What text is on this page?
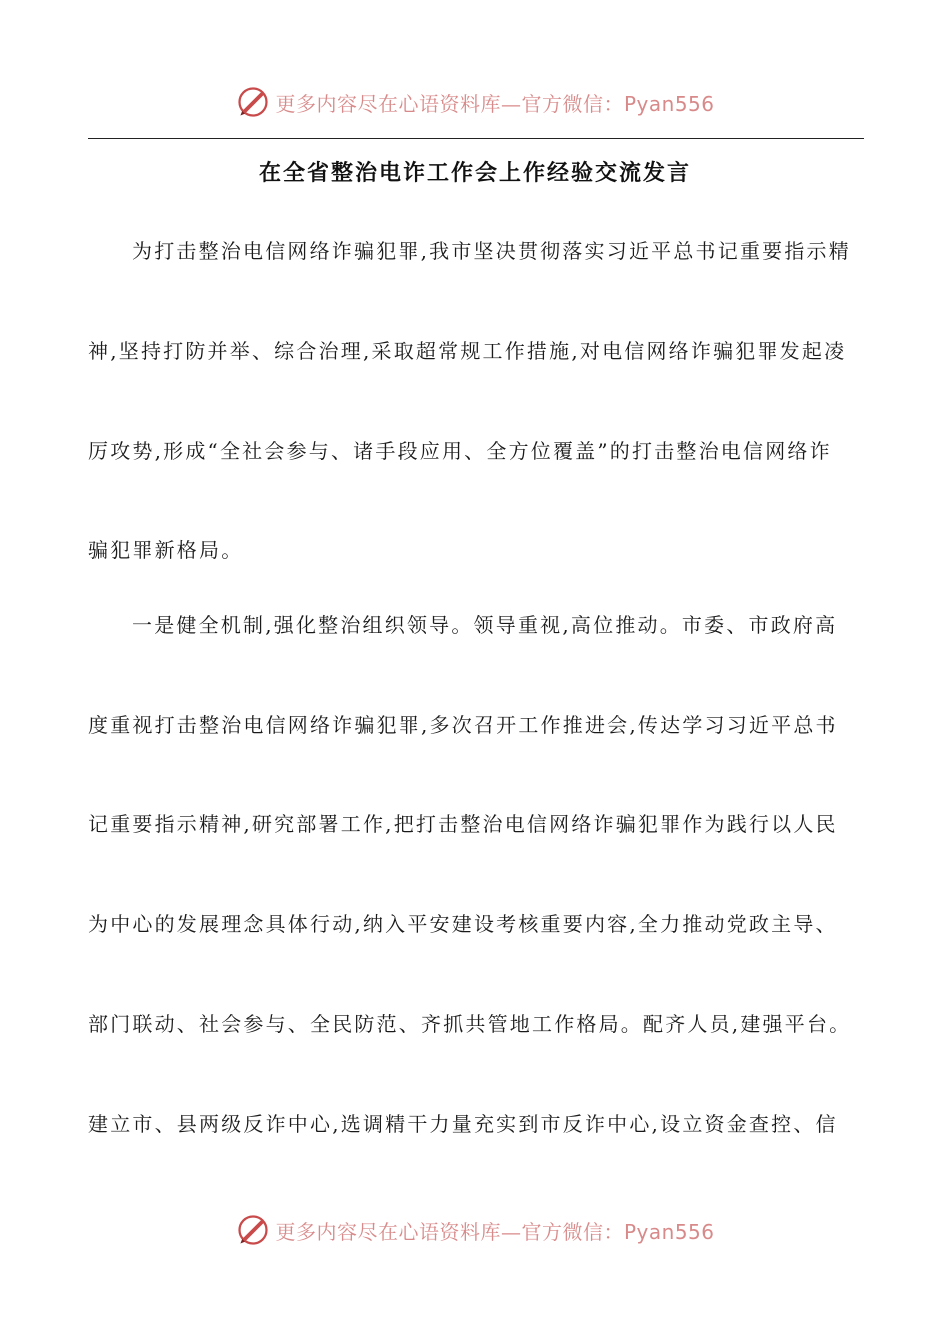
更多内容尽在心语资料库—官方微信：Pyan556
在全省整治电诈工作会上作经验交流发言
为打击整治电信网络诈骗犯罪,我市坚决贯彻落实习近平总书记重要指示精
神,坚持打防并举、综合治理,采取超常规工作措施,对电信网络诈骗犯罪发起凌
厉攻势,形成“全社会参与、诸手段应用、全方位覆盖”的打击整治电信网络诈
骗犯罪新格局。
一是健全机制,强化整治组织领导。领导重视,高位推动。市委、市政府高
度重视打击整治电信网络诈骗犯罪,多次召开工作推进会,传达学习习近平总书
记重要指示精神,研究部署工作,把打击整治电信网络诈骗犯罪作为践行以人民
为中心的发展理念具体行动,纳入平安建设考核重要内容,全力推动党政主导、
部门联动、社会参与、全民防范、齐抓共管地工作格局。配齐人员,建强平台。
建立市、县两级反诈中心,选调精干力量充实到市反诈中心,设立资金查控、信
更多内容尽在心语资料库—官方微信：Pyan556
